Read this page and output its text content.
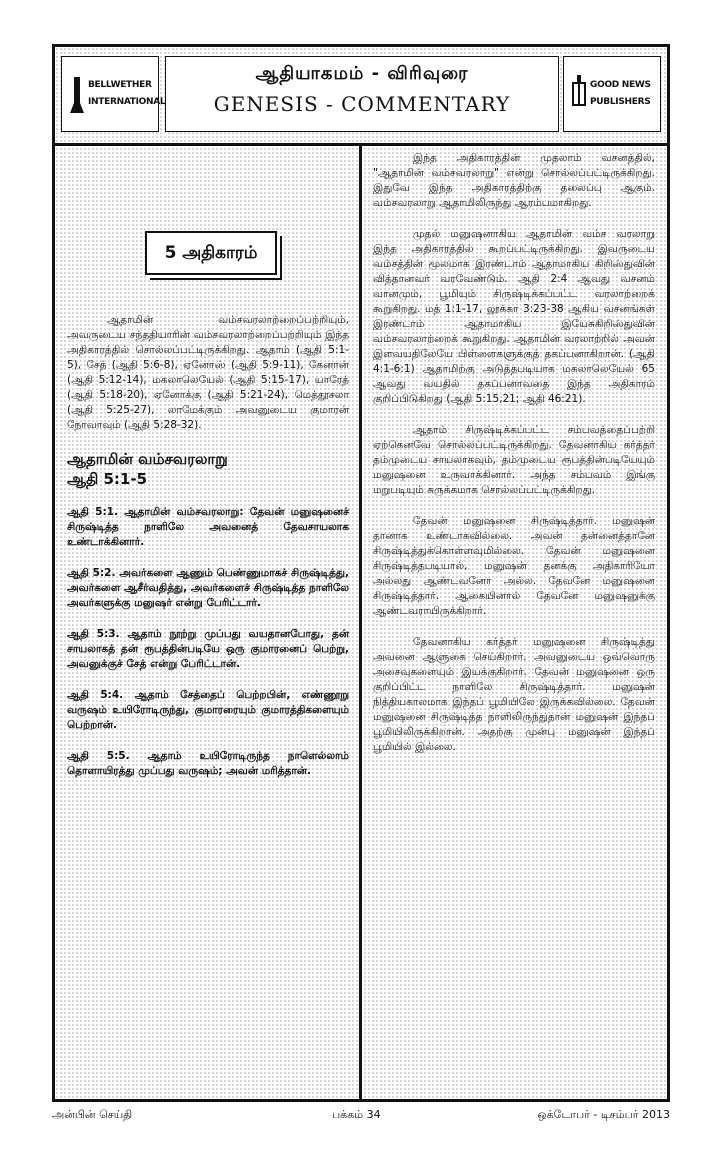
BELLWETHER
INTERNATIONAL
ஆதியாகமம் - விரிவுரை
GENESIS - COMMENTARY
GOOD NEWS
PUBLISHERS
5 அதிகாரம்

ஆதாமின் வம்சவரலாற்றைப்பற்றியும், அவருடைய சந்ததியாரின் வம்சவரலாற்றைப்பற்றியும் இந்த அதிகாரத்தில் சொல்லப்பட்டிருக்கிறது. ஆதாம் (ஆதி 5:1-5), சேத் (ஆதி 5:6-8), ஏனோஸ் (ஆதி 5:9-11), கேனான் (ஆதி 5:12-14), மகலாலெயேல் (ஆதி 5:15-17), யாரேத் (ஆதி 5:18-20), ஏனோக்கு (ஆதி 5:21-24), மெத்தூசலா (ஆதி 5:25-27), லாமேக்கும் அவனுடைய குமாரன் நோவாவும் (ஆதி 5:28-32).

ஆதாமின் வம்சவரலாறு
ஆதி 5:1-5

ஆதி 5:1. ஆதாமின் வம்சவரலாறு: தேவன் மனுஷனைச் சிருஷ்டித்த நாளிலே அவனைத் தேவசாயலாக உண்டாக்கினார்.

ஆதி 5:2. அவர்களை ஆணும் பெண்ணுமாகச் சிருஷ்டித்து, அவர்களை ஆசீர்வதித்து, அவர்களைச் சிருஷ்டித்த நாளிலே அவர்களுக்கு மனுஷர் என்று பேரிட்டார்.

ஆதி 5:3. ஆதாம் நூற்று முப்பது வயதானபோது, தன் சாயலாகத் தன் ரூபத்தின்படியே ஒரு குமாரனைப் பெற்று, அவனுக்குச் சேத் என்று பேரிட்டான்.

ஆதி 5:4. ஆதாம் சேத்தைப் பெற்றபின், எண்ணூறு வருஷம் உயிரோடிருந்து, குமாரரையும் குமாரத்திகளையும் பெற்றான்.

ஆதி 5:5. ஆதாம் உயிரோடிருந்த நாளெல்லாம் தொளாயிரத்து முப்பது வருஷம்; அவன் மரித்தான்.

இந்த அதிகாரத்தின் முதலாம் வசனத்தில், "ஆதாமின் வம்சவரலாறு" என்று சொல்லப்பட்டிருக்கிறது. இதுவே இந்த அதிகாரத்திற்கு தலைப்பு ஆகும். வம்சவரலாறு ஆதாமிலிருந்து ஆரம்பமாகிறது.

முதல் மனுஷனாகிய ஆதாமின் வம்ச வரலாறு இந்த அதிகாரத்தில் கூறப்பட்டிருக்கிறது. இவருடைய வம்சத்தின் மூலமாக இரண்டாம் ஆதாமாகிய கிறிஸ்துவின் வித்தானவர் வரவேண்டும். ஆதி 2:4 ஆவது வசனம் வானமும், பூமியும் சிருஷ்டிக்கப்பட்ட வரலாற்றைக் கூறுகிறது. மத் 1:1-17, லூக்கா 3:23-38 ஆகிய வசனங்கள் இரண்டாம் ஆதாமாகிய இயேசுகிறிஸ்துவின் வம்சவரலாற்றைக் கூறுகிறது. ஆதாமின் வரலாற்றில் அவன் இளவயதிலேயே பிள்ளைகளுக்குத் தகப்பனாகிறான். (ஆதி 4:1-6:1) ஆதாமிற்கு அடுத்தபடியாக மகலாலெயேல் 65 ஆவது வயதில் தகப்பனாவதை இந்த அதிகாரம் குறிப்பிடுகிறது (ஆதி 5:15,21; ஆதி 46:21).

ஆதாம் சிருஷ்டிக்கப்பட்ட சம்பவத்தைப்பற்றி ஏற்கெனவே சொல்லப்பட்டிருக்கிறது. தேவனாகிய கர்த்தர் தம்முடைய சாயலாகவும், தம்முடைய ரூபத்தின்படியேயும் மனுஷனை உருவாக்கினார். அந்த சம்பவம் இங்கு மறுபடியும் சுருக்கமாக சொல்லப்பட்டிருக்கிறது.

தேவன் மனுஷனை சிருஷ்டித்தார். மனுஷன் தானாக உண்டாகவில்லை. அவன் தன்னைத்தானே சிருஷ்டித்துக்கொள்ளவுமில்லை. தேவன் மனுஷனை சிருஷ்டித்தபடியால், மனுஷன் தனக்கு அதிகாரியோ அல்லது ஆண்டவனோ அல்ல. தேவனே மனுஷனை சிருஷ்டித்தார். ஆகையினால் தேவனே மனுஷனுக்கு ஆண்டவராயிருக்கிறார்.

தேவனாகிய கர்த்தர் மனுஷனை சிருஷ்டித்து அவனை ஆளுகை செய்கிறார். அவனுடைய ஒவ்வொரு அசைவுகளையும் இயக்குகிறார். தேவன் மனுஷனை ஒரு குறிப்பிட்ட நாளிலே சிருஷ்டித்தார். மனுஷன் நித்தியகாலமாக இந்தப் பூமியிலே இருக்கவில்லை. தேவன் மனுஷனை சிருஷ்டித்த நாளிலிருந்துதான் மனுஷன் இந்தப் பூமியிலிருக்கிறான். அதற்கு முன்பு மனுஷன் இந்தப் பூமியில் இல்லை.

அன்பின் செய்தி	பக்கம் 34	ஒக்டோபர் - டிசம்பர் 2013
